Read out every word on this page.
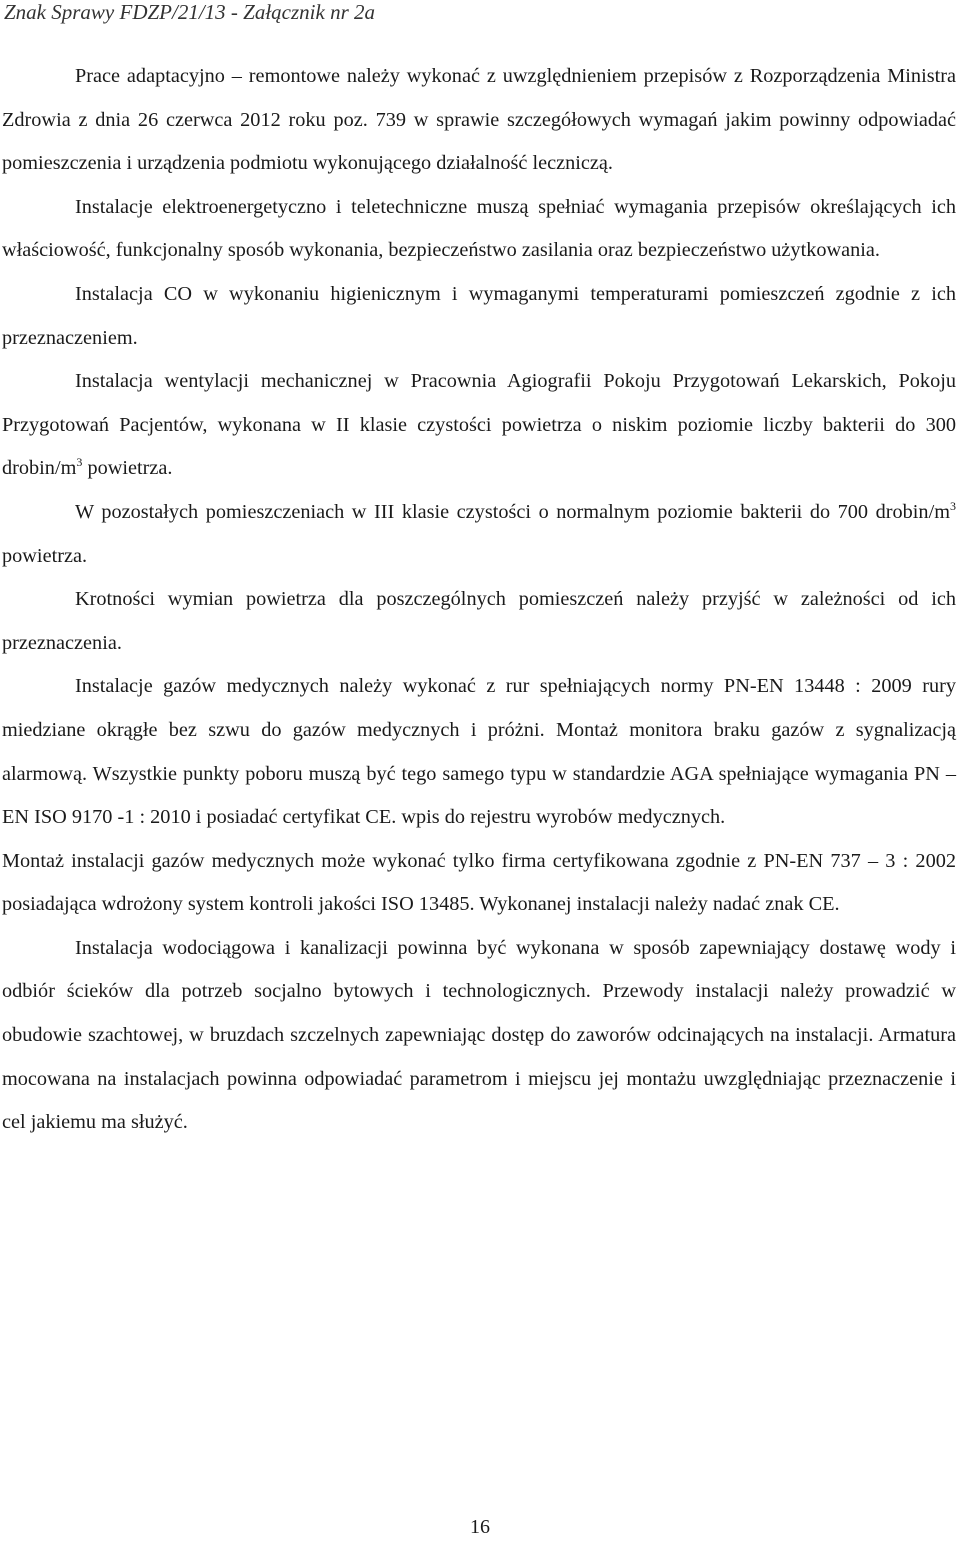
Znak Sprawy FDZP/21/13 - Załącznik nr 2a

Prace adaptacyjno – remontowe należy wykonać z uwzględnieniem przepisów z Rozporządzenia Ministra Zdrowia z dnia 26 czerwca 2012 roku poz. 739 w sprawie szczegółowych wymagań jakim powinny odpowiadać pomieszczenia i urządzenia podmiotu wykonującego działalność leczniczą.

Instalacje elektroenergetyczno i teletechniczne muszą spełniać wymagania przepisów określających ich właściowość, funkcjonalny sposób wykonania, bezpieczeństwo zasilania oraz bezpieczeństwo użytkowania.

Instalacja CO w wykonaniu higienicznym i wymaganymi temperaturami pomieszczeń zgodnie z ich przeznaczeniem.

Instalacja wentylacji mechanicznej w Pracownia Agiografii Pokoju Przygotowań Lekarskich, Pokoju Przygotowań Pacjentów, wykonana w II klasie czystości powietrza o niskim poziomie liczby bakterii do 300 drobin/$m^3$ powietrza.

W pozostałych pomieszczeniach w III klasie czystości o normalnym poziomie bakterii do 700 drobin/$m^3$ powietrza.

Krotności wymian powietrza dla poszczególnych pomieszczeń należy przyjść w zależności od ich przeznaczenia.

Instalacje gazów medycznych należy wykonać z rur spełniających normy PN-EN 13448 : 2009 rury miedziane okrągłe bez szwu do gazów medycznych i próżni. Montaż monitora braku gazów z sygnalizacją alarmową. Wszystkie punkty poboru muszą być tego samego typu w standardzie AGA spełniające wymagania PN – EN ISO 9170 -1 : 2010 i posiadać certyfikat CE. wpis do rejestru wyrobów medycznych.

Montaż instalacji gazów medycznych może wykonać tylko firma certyfikowana zgodnie z PN-EN 737 – 3 : 2002 posiadająca wdrożony system kontroli jakości ISO 13485. Wykonanej instalacji należy nadać znak CE.

Instalacja wodociągowa i kanalizacji powinna być wykonana w sposób zapewniający dostawę wody i odbiór ścieków dla potrzeb socjalno bytowych i technologicznych. Przewody instalacji należy prowadzić w obudowie szachtowej, w bruzdach szczelnych zapewniając dostęp do zaworów odcinających na instalacji. Armatura mocowana na instalacjach powinna odpowiadać parametrom i miejscu jej montażu uwzględniając przeznaczenie i cel jakiemu ma służyć.

16
